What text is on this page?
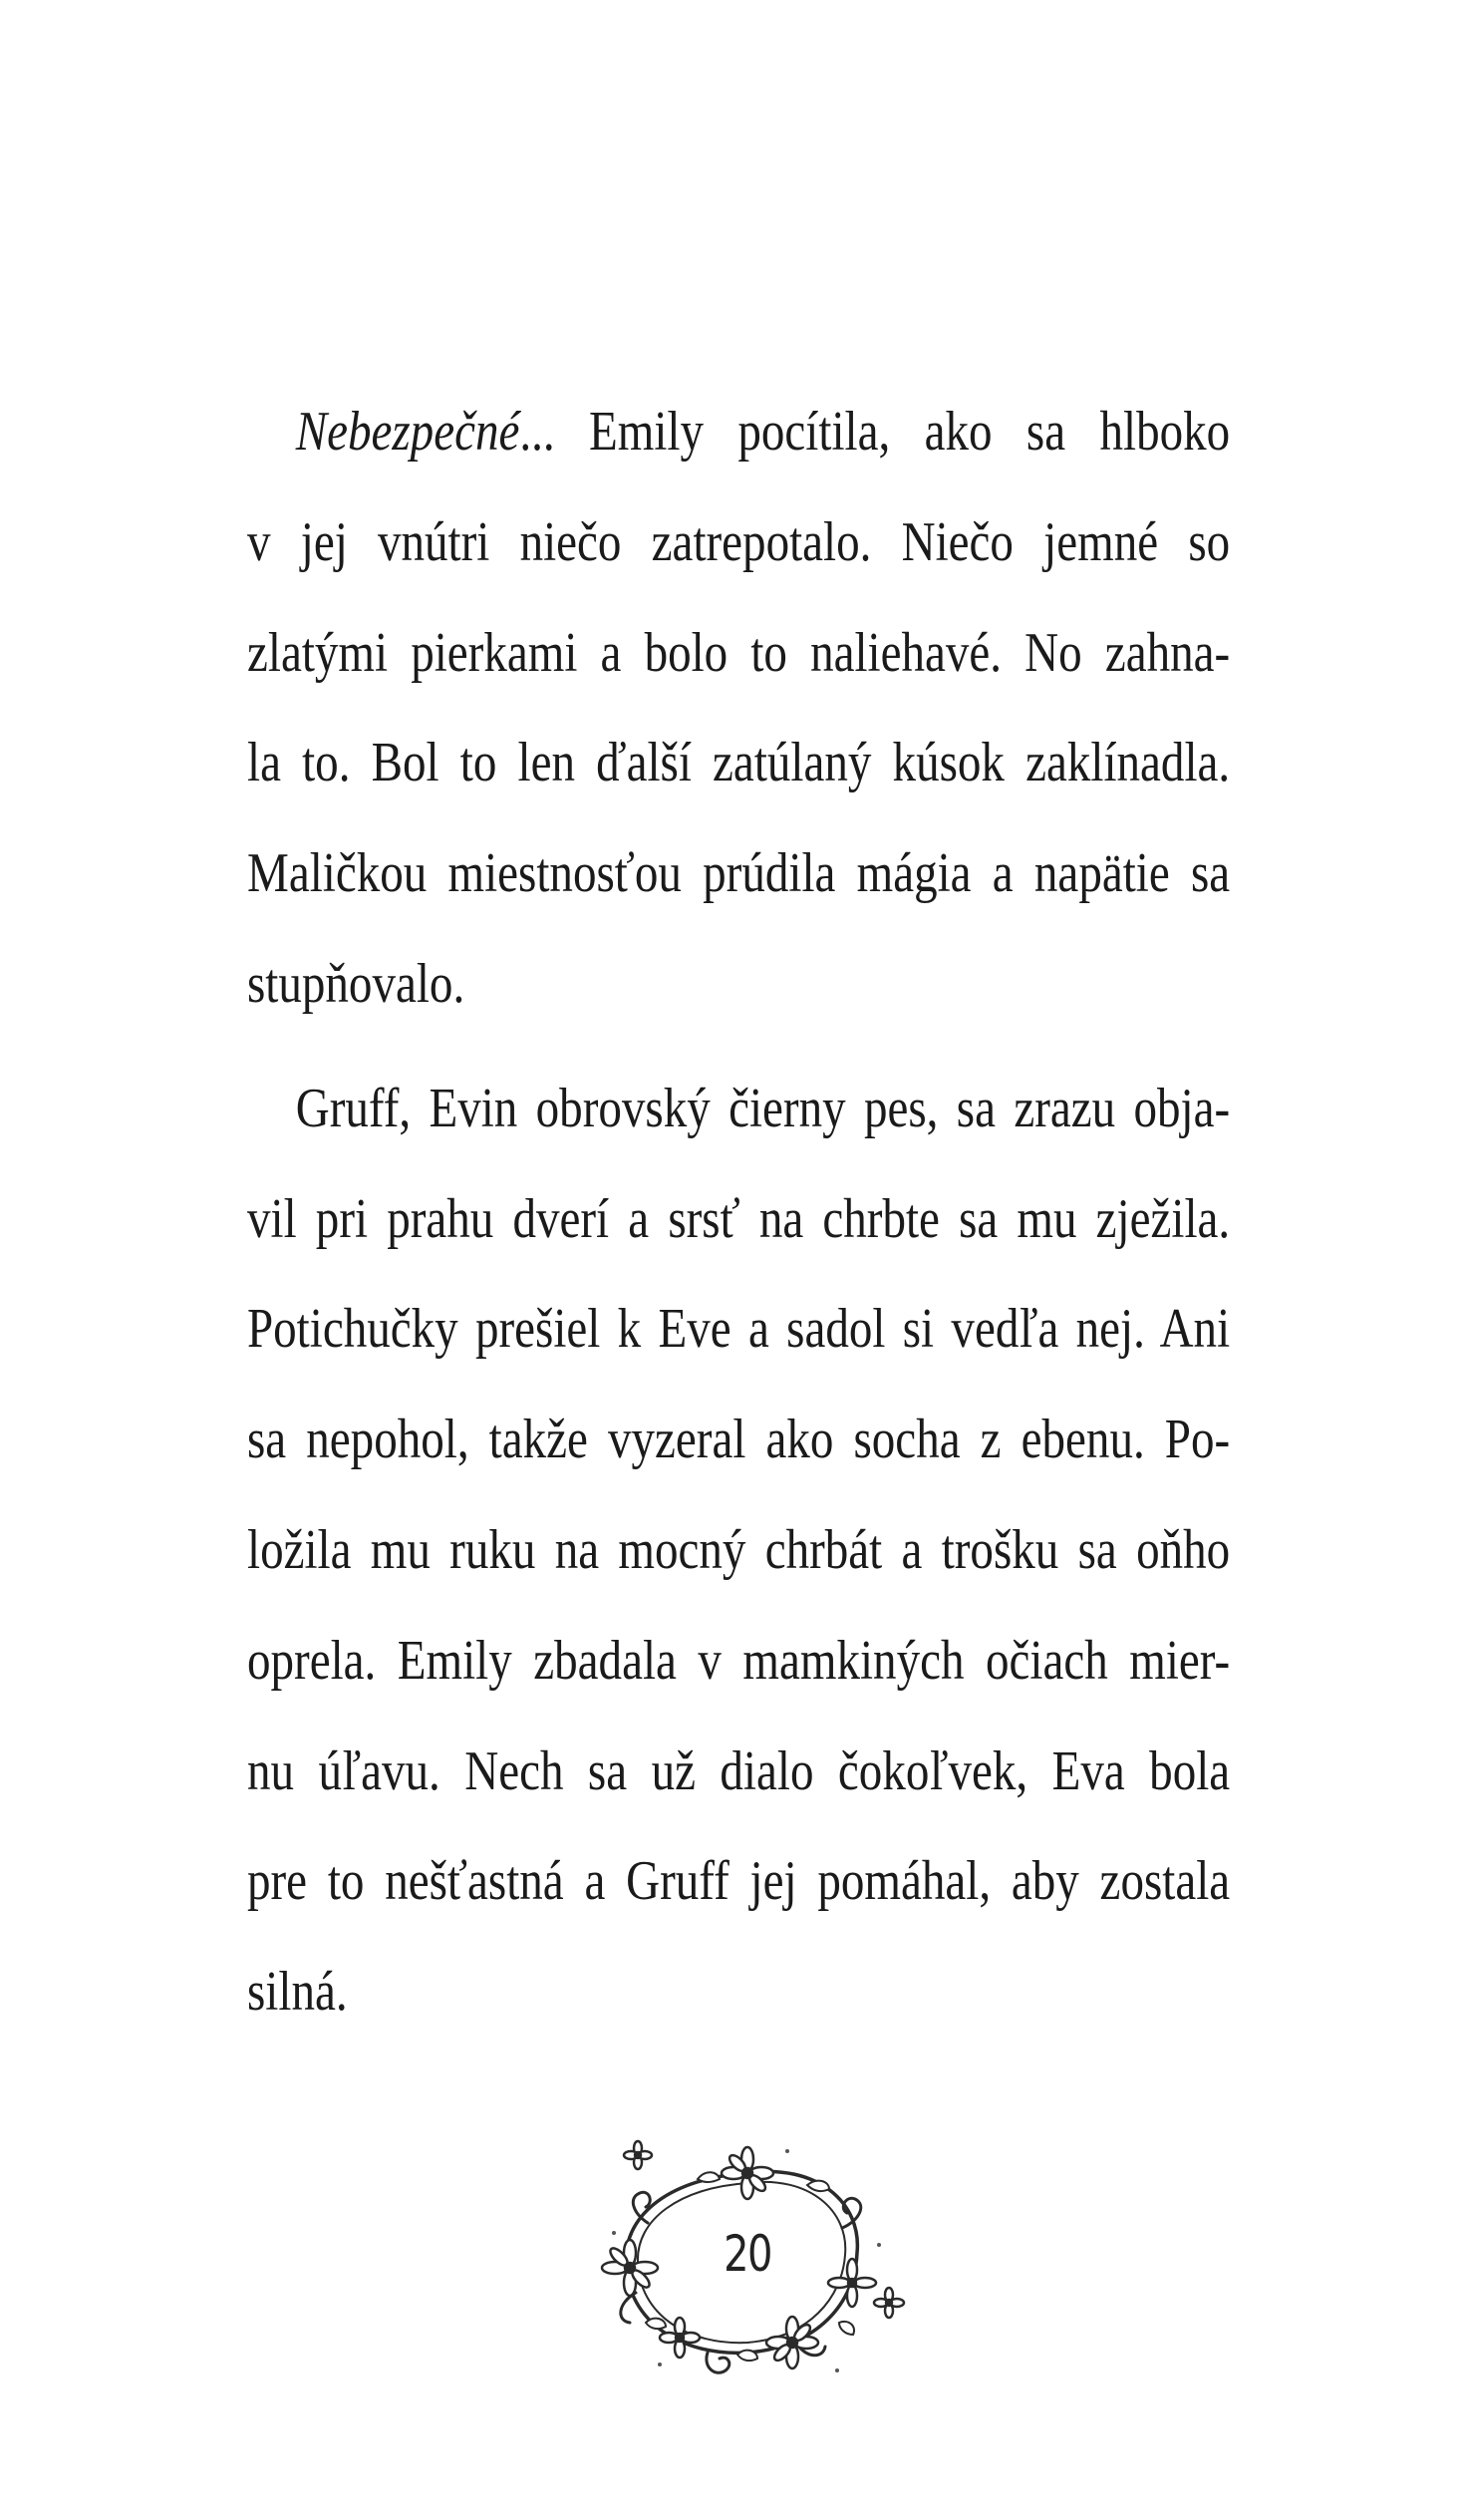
Nebezpečné... Emily pocítila, ako sa hlboko
v jej vnútri niečo zatrepotalo. Niečo jemné so
zlatými pierkami a bolo to naliehavé. No zahna-
la to. Bol to len ďalší zatúlaný kúsok zaklínadla.
Maličkou miestnosťou prúdila mágia a napätie sa
stupňovalo.
Gruff, Evin obrovský čierny pes, sa zrazu obja-
vil pri prahu dverí a srsť na chrbte sa mu zježila.
Potichučky prešiel k Eve a sadol si vedľa nej. Ani
sa nepohol, takže vyzeral ako socha z ebenu. Po-
ložila mu ruku na mocný chrbát a trošku sa oňho
oprela. Emily zbadala v mamkiných očiach mier-
nu úľavu. Nech sa už dialo čokoľvek, Eva bola
pre to nešťastná a Gruff jej pomáhal, aby zostala
silná.
20
